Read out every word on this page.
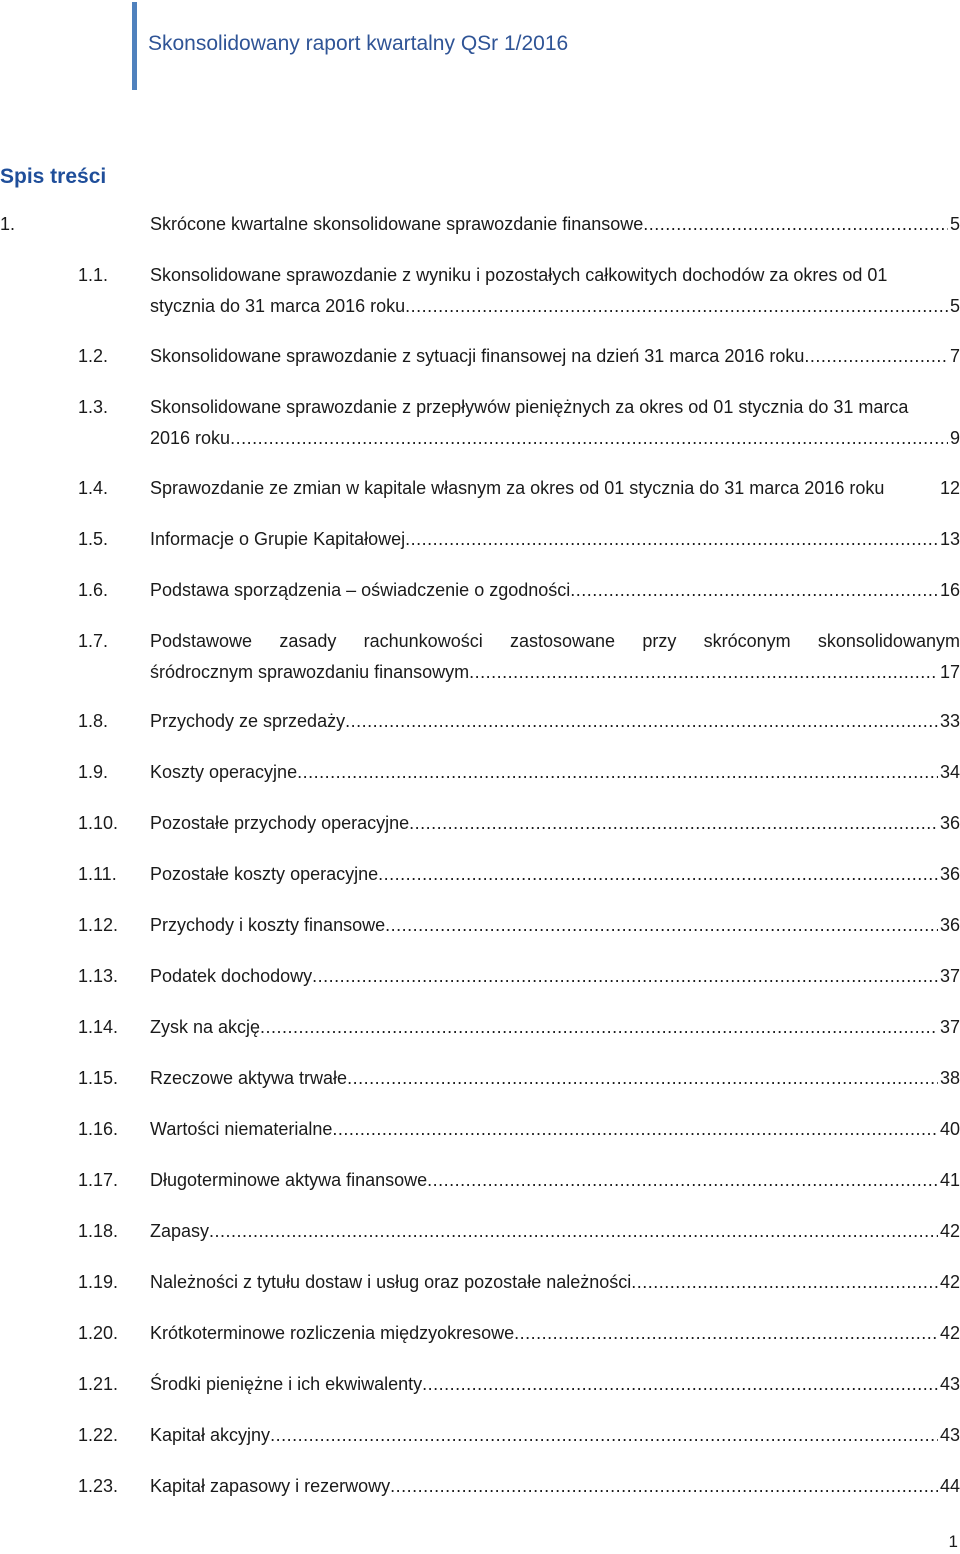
Skonsolidowany raport kwartalny QSr 1/2016
Spis treści
1.	Skrócone kwartalne skonsolidowane sprawozdanie finansowe .....	5
1.1.	Skonsolidowane sprawozdanie z wyniku i pozostałych całkowitych dochodów za okres od 01
stycznia do 31 marca 2016 roku .....	5
1.2.	Skonsolidowane sprawozdanie z sytuacji finansowej na dzień 31 marca 2016 roku .....	7
1.3.	Skonsolidowane sprawozdanie z przepływów pieniężnych za okres od 01 stycznia do 31 marca
2016 roku .....	9
1.4.	Sprawozdanie ze zmian w kapitale własnym za okres od 01 stycznia do 31 marca 2016 roku	12
1.5.	Informacje o Grupie Kapitałowej .....	13
1.6.	Podstawa sporządzenia – oświadczenie o zgodności .....	16
1.7.	Podstawowe zasady rachunkowości zastosowane przy skróconym skonsolidowanym
śródrocznym sprawozdaniu finansowym .....	17
1.8.	Przychody ze sprzedaży .....	33
1.9.	Koszty operacyjne .....	34
1.10.	Pozostałe przychody operacyjne .....	36
1.11.	Pozostałe koszty operacyjne .....	36
1.12.	Przychody i koszty finansowe .....	36
1.13.	Podatek dochodowy .....	37
1.14.	Zysk na akcję .....	37
1.15.	Rzeczowe aktywa trwałe .....	38
1.16.	Wartości niematerialne .....	40
1.17.	Długoterminowe aktywa finansowe .....	41
1.18.	Zapasy .....	42
1.19.	Należności z tytułu dostaw i usług oraz pozostałe należności .....	42
1.20.	Krótkoterminowe rozliczenia międzyokresowe .....	42
1.21.	Środki pieniężne i ich ekwiwalenty .....	43
1.22.	Kapitał akcyjny .....	43
1.23.	Kapitał zapasowy i rezerwowy .....	44
1
